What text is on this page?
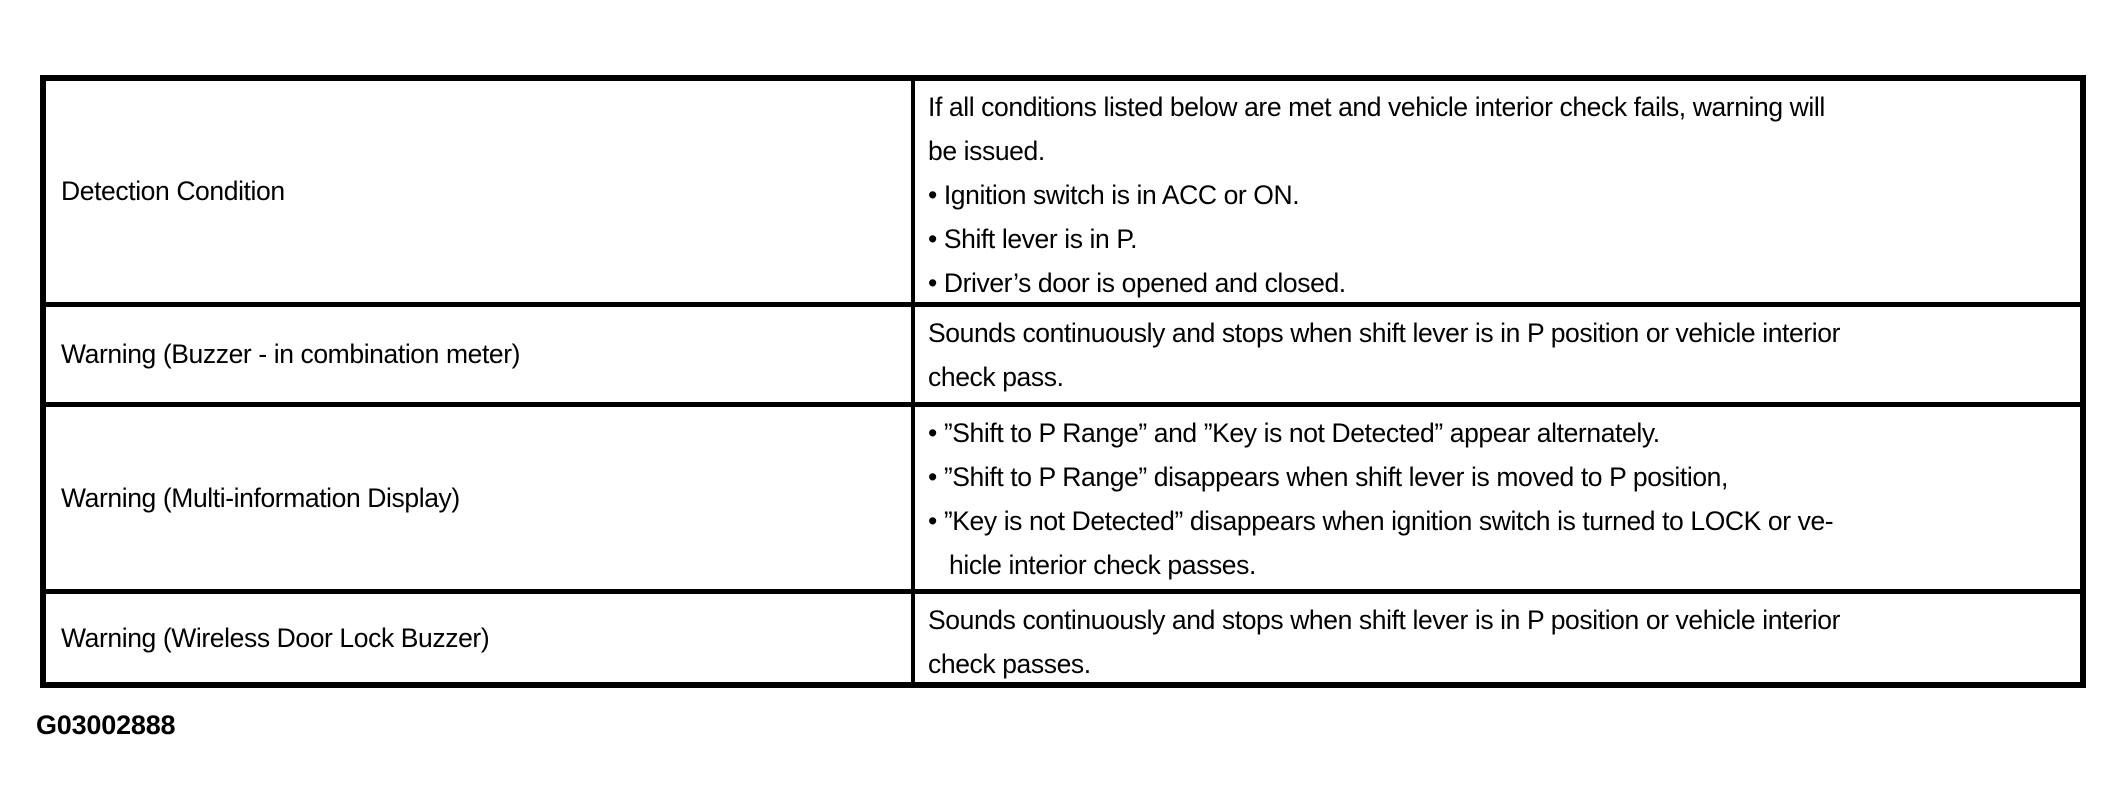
Detection Condition
If all conditions listed below are met and vehicle interior check fails, warning will
be issued.
• Ignition switch is in ACC or ON.
• Shift lever is in P.
• Driver’s door is opened and closed.
Warning (Buzzer - in combination meter)
Sounds continuously and stops when shift lever is in P position or vehicle interior
check pass.
Warning (Multi-information Display)
• ”Shift to P Range” and ”Key is not Detected” appear alternately.
• ”Shift to P Range” disappears when shift lever is moved to P position,
• ”Key is not Detected” disappears when ignition switch is turned to LOCK or ve-
hicle interior check passes.
Warning (Wireless Door Lock Buzzer)
Sounds continuously and stops when shift lever is in P position or vehicle interior
check passes.
G03002888
